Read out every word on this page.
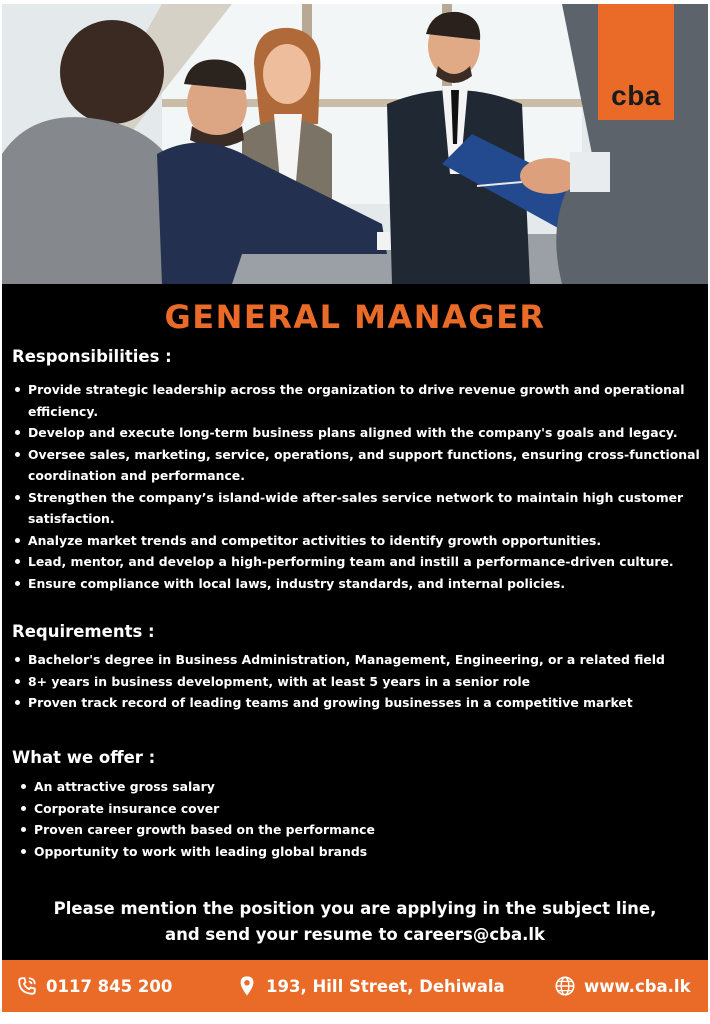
cba
GENERAL MANAGER
Responsibilities :
Provide strategic leadership across the organization to drive revenue growth and operational efficiency.
Develop and execute long-term business plans aligned with the company's goals and legacy.
Oversee sales, marketing, service, operations, and support functions, ensuring cross-functional coordination and performance.
Strengthen the company’s island-wide after-sales service network to maintain high customer satisfaction.
Analyze market trends and competitor activities to identify growth opportunities.
Lead, mentor, and develop a high-performing team and instill a performance-driven culture.
Ensure compliance with local laws, industry standards, and internal policies.
Requirements :
Bachelor's degree in Business Administration, Management, Engineering, or a related field
8+ years in business development, with at least 5 years in a senior role
Proven track record of leading teams and growing businesses in a competitive market
What we offer :
An attractive gross salary
Corporate insurance cover
Proven career growth based on the performance
Opportunity to work with leading global brands
Please mention the position you are applying in the subject line,
and send your resume to careers@cba.lk
0117 845 200	193, Hill Street, Dehiwala	www.cba.lk
